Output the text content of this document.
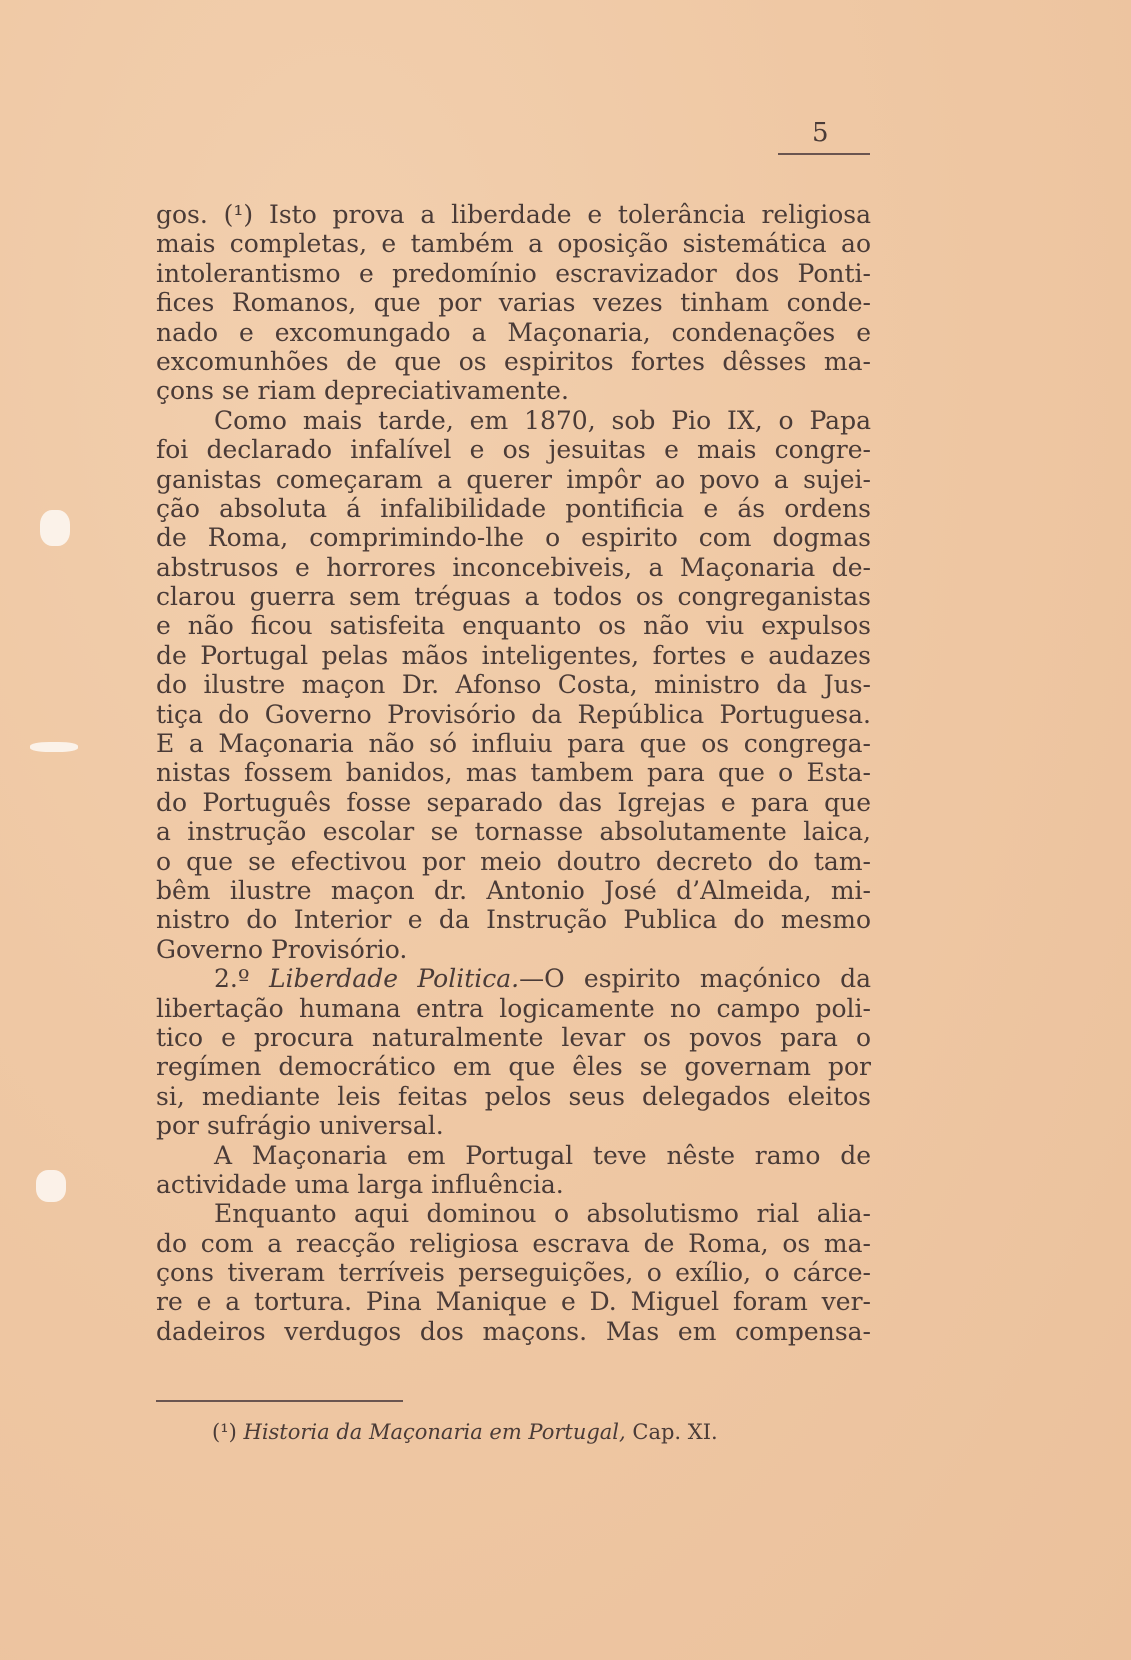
5
gos. (¹) Isto prova a liberdade e tolerância religiosa
mais completas, e também a oposição sistemática ao
intolerantismo e predomínio escravizador dos Ponti-
fices Romanos, que por varias vezes tinham conde-
nado e excomungado a Maçonaria, condenações e
excomunhões de que os espiritos fortes dêsses ma-
çons se riam depreciativamente.
Como mais tarde, em 1870, sob Pio IX, o Papa
foi declarado infalível e os jesuitas e mais congre-
ganistas começaram a querer impôr ao povo a sujei-
ção absoluta á infalibilidade pontificia e ás ordens
de Roma, comprimindo-lhe o espirito com dogmas
abstrusos e horrores inconcebiveis, a Maçonaria de-
clarou guerra sem tréguas a todos os congreganistas
e não ficou satisfeita enquanto os não viu expulsos
de Portugal pelas mãos inteligentes, fortes e audazes
do ilustre maçon Dr. Afonso Costa, ministro da Jus-
tiça do Governo Provisório da República Portuguesa.
E a Maçonaria não só influiu para que os congrega-
nistas fossem banidos, mas tambem para que o Esta-
do Português fosse separado das Igrejas e para que
a instrução escolar se tornasse absolutamente laica,
o que se efectivou por meio doutro decreto do tam-
bêm ilustre maçon dr. Antonio José d’Almeida, mi-
nistro do Interior e da Instrução Publica do mesmo
Governo Provisório.
2.º Liberdade Politica.—O espirito maçónico da
libertação humana entra logicamente no campo poli-
tico e procura naturalmente levar os povos para o
regímen democrático em que êles se governam por
si, mediante leis feitas pelos seus delegados eleitos
por sufrágio universal.
A Maçonaria em Portugal teve nêste ramo de
actividade uma larga influência.
Enquanto aqui dominou o absolutismo rial alia-
do com a reacção religiosa escrava de Roma, os ma-
çons tiveram terríveis perseguições, o exílio, o cárce-
re e a tortura. Pina Manique e D. Miguel foram ver-
dadeiros verdugos dos maçons. Mas em compensa-
(¹) Historia da Maçonaria em Portugal, Cap. XI.
